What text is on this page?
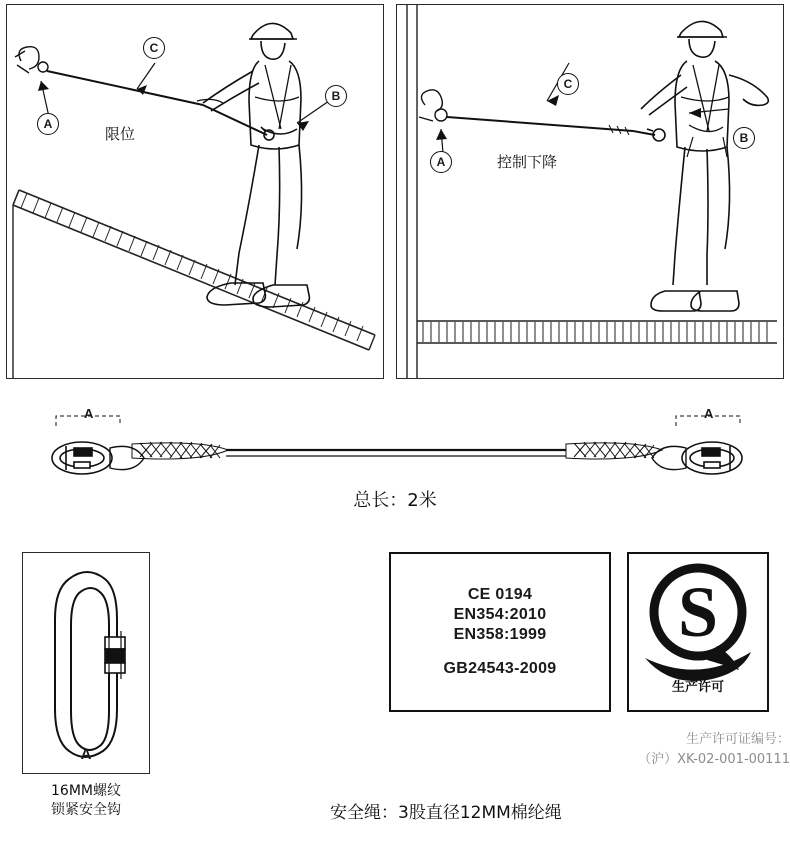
A
C
B
限位
A
C
B
控制下降
A	A
总长：2米
A
16MM螺纹
锁紧安全钩
CE 0194
EN354:2010
EN358:1999
GB24543-2009
S
生产许可
生产许可证编号：
（沪）XK-02-001-00111
安全绳：3股直径12MM棉纶绳
